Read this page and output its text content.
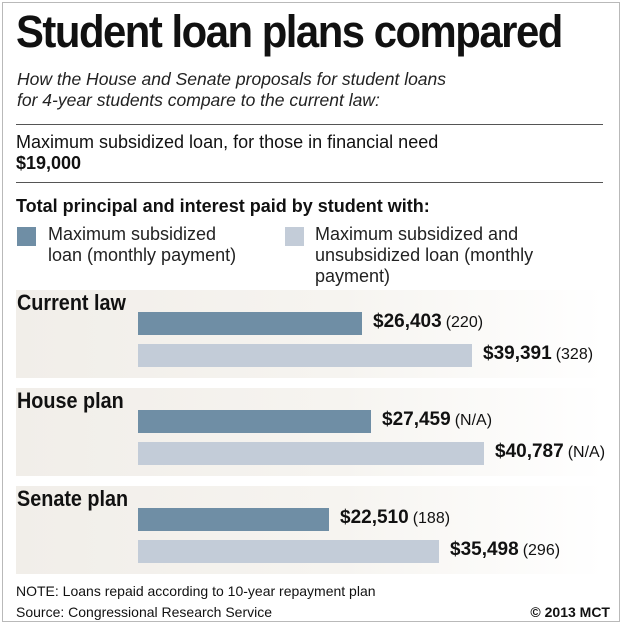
Student loan plans compared
How the House and Senate proposals for student loans
for 4-year students compare to the current law:
Maximum subsidized loan, for those in financial need
$19,000
Total principal and interest paid by student with:
Maximum subsidized
loan (monthly payment)
Maximum subsidized and
unsubsidized loan (monthly
payment)
Current law
$26,403 (220)
$39,391 (328)
House plan
$27,459 (N/A)
$40,787 (N/A)
Senate plan
$22,510 (188)
$35,498 (296)
NOTE: Loans repaid according to 10-year repayment plan
Source: Congressional Research Service	© 2013 MCT
